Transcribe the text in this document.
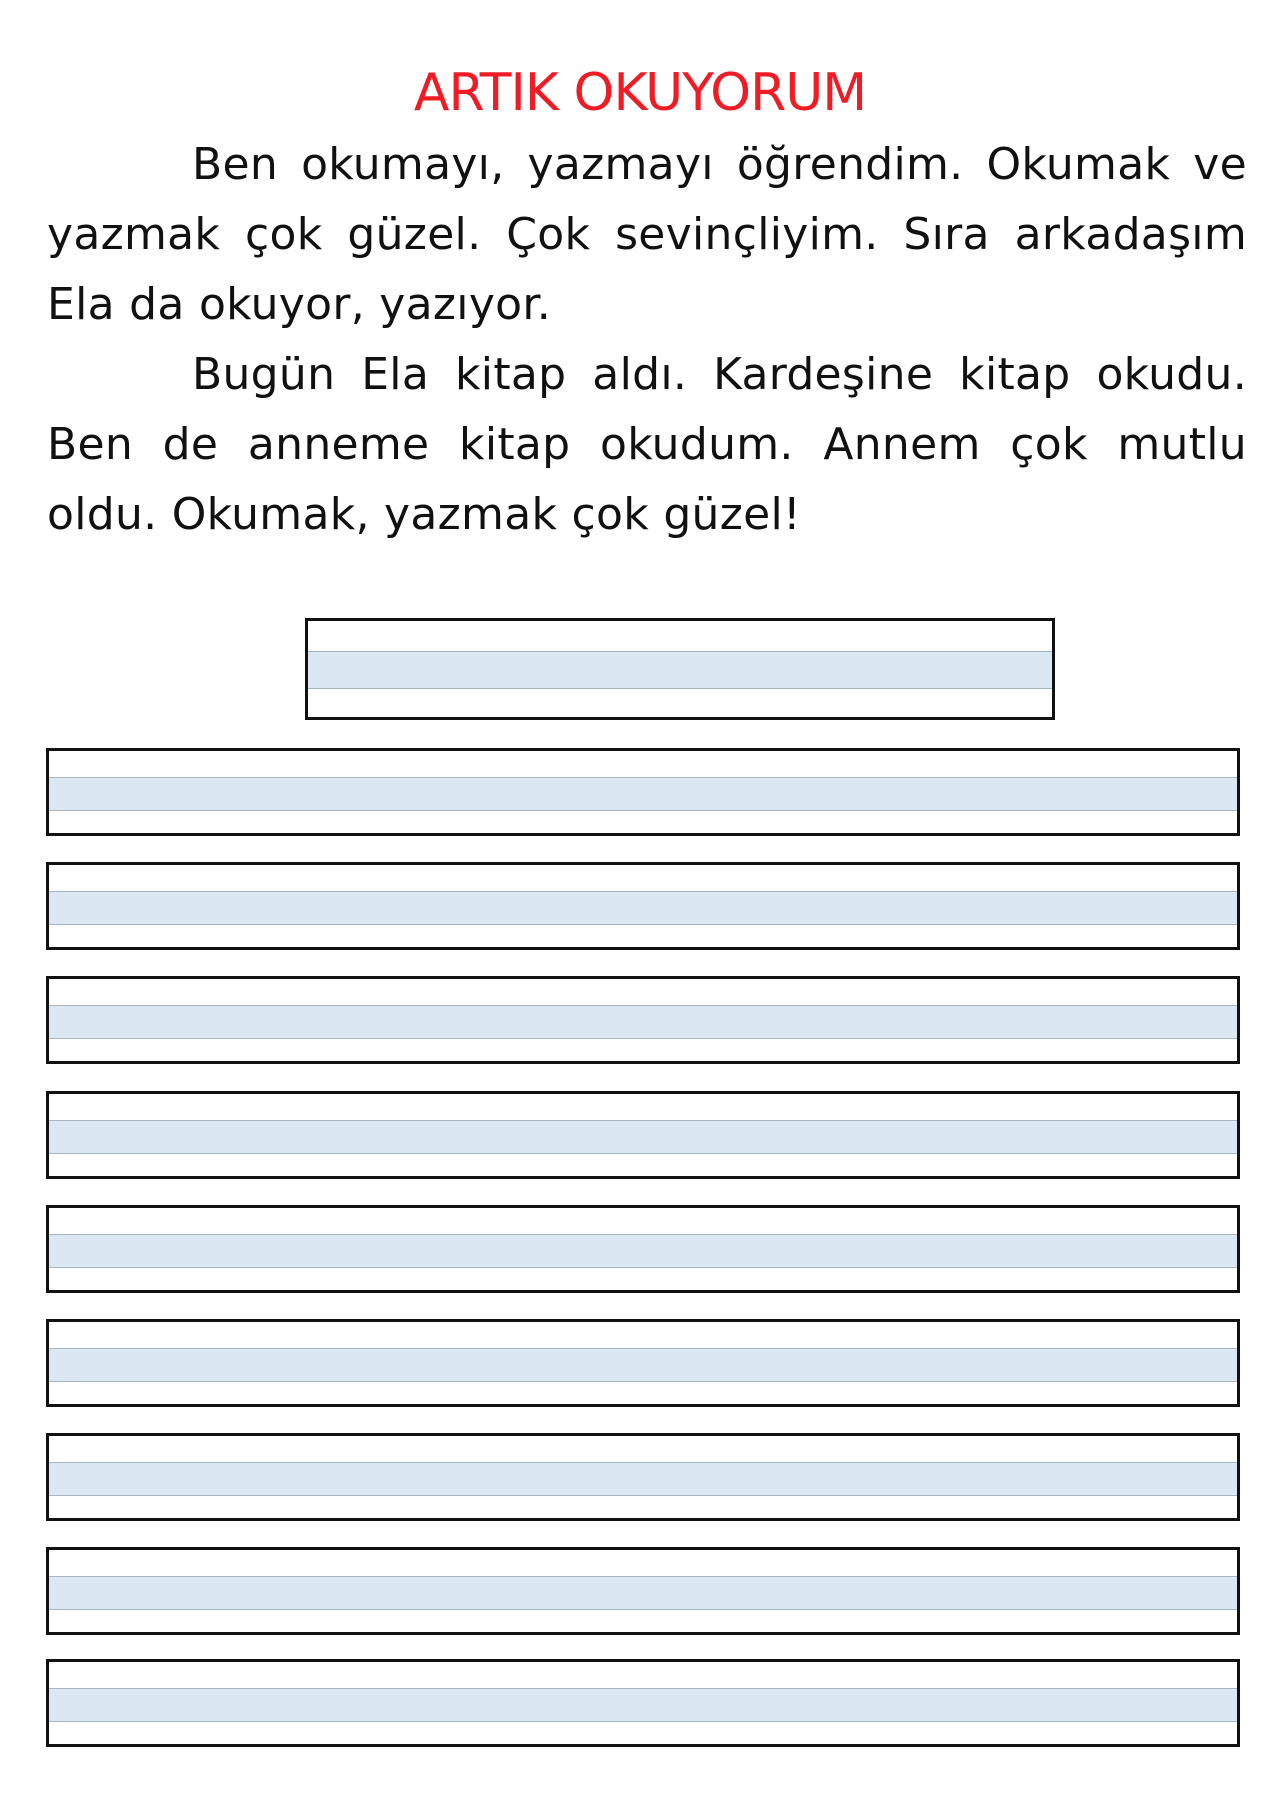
ARTIK OKUYORUM

Ben okumayı, yazmayı öğrendim. Okumak ve yazmak çok güzel. Çok sevinçliyim. Sıra arkadaşım Ela da okuyor, yazıyor.

Bugün Ela kitap aldı. Kardeşine kitap okudu. Ben de anneme kitap okudum. Annem çok mutlu oldu. Okumak, yazmak çok güzel!
